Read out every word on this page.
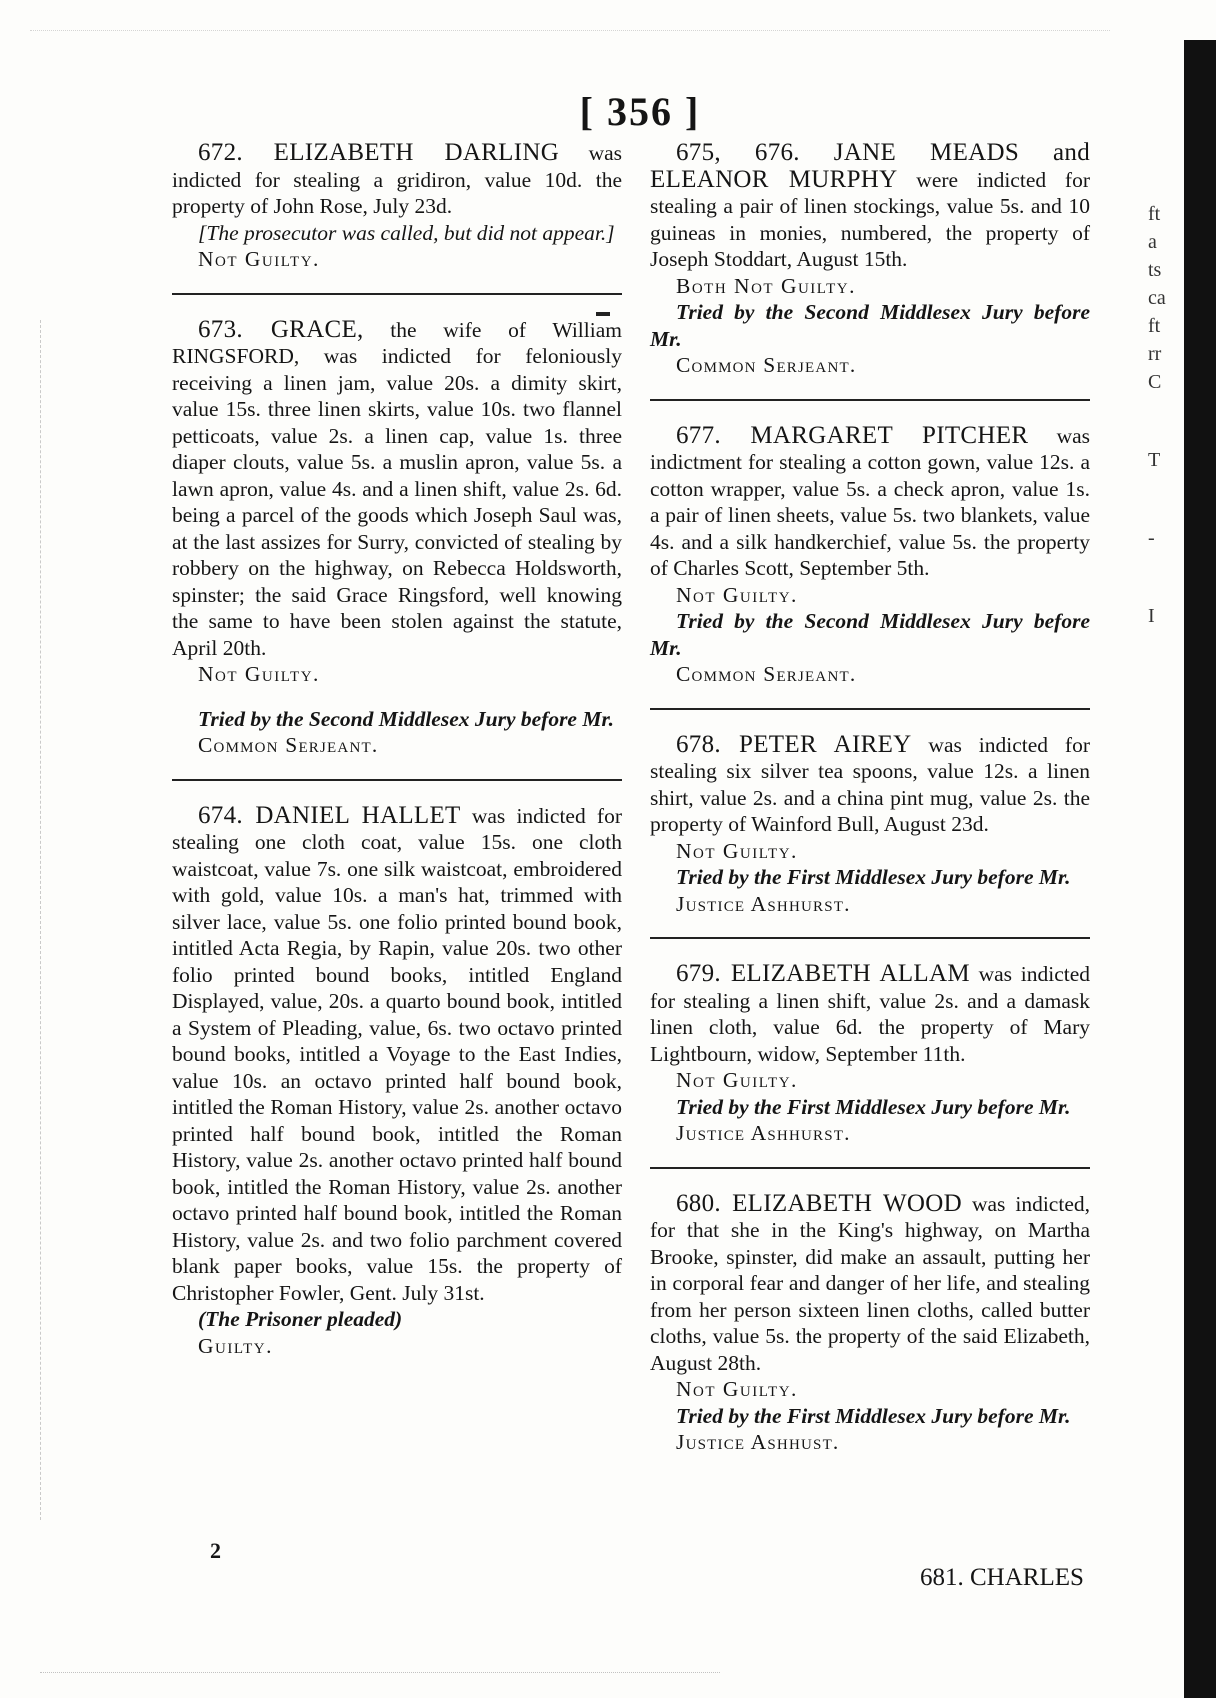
ft
a
ts
ca
ft
rr
C
T
-
I
[ 356 ]

672. ELIZABETH DARLING was indicted for stealing a gridiron, value 10d. the property of John Rose, July 23d.

[The prosecutor was called, but did not appear.]

Not Guilty.

673. GRACE, the wife of William RINGSFORD, was indicted for feloniously receiving a linen jam, value 20s. a dimity skirt, value 15s. three linen skirts, value 10s. two flannel petticoats, value 2s. a linen cap, value 1s. three diaper clouts, value 5s. a muslin apron, value 5s. a lawn apron, value 4s. and a linen shift, value 2s. 6d. being a parcel of the goods which Joseph Saul was, at the last assizes for Surry, convicted of stealing by robbery on the highway, on Rebecca Holdsworth, spinster; the said Grace Ringsford, well knowing the same to have been stolen against the statute, April 20th.

Not Guilty.

Tried by the Second Middlesex Jury before Mr.

Common Serjeant.

674. DANIEL HALLET was indicted for stealing one cloth coat, value 15s. one cloth waistcoat, value 7s. one silk waistcoat, embroidered with gold, value 10s. a man's hat, trimmed with silver lace, value 5s. one folio printed bound book, intitled Acta Regia, by Rapin, value 20s. two other folio printed bound books, intitled England Displayed, value, 20s. a quarto bound book, intitled a System of Pleading, value, 6s. two octavo printed bound books, intitled a Voyage to the East Indies, value 10s. an octavo printed half bound book, intitled the Roman History, value 2s. another octavo printed half bound book, intitled the Roman History, value 2s. another octavo printed half bound book, intitled the Roman History, value 2s. another octavo printed half bound book, intitled the Roman History, value 2s. and two folio parchment covered blank paper books, value 15s. the property of Christopher Fowler, Gent. July 31st.

(The Prisoner pleaded)

Guilty.

2

675, 676. JANE MEADS and ELEANOR MURPHY were indicted for stealing a pair of linen stockings, value 5s. and 10 guineas in monies, numbered, the property of Joseph Stoddart, August 15th.

Both Not Guilty.

Tried by the Second Middlesex Jury before Mr.

Common Serjeant.

677. MARGARET PITCHER was indictment for stealing a cotton gown, value 12s. a cotton wrapper, value 5s. a check apron, value 1s. a pair of linen sheets, value 5s. two blankets, value 4s. and a silk handkerchief, value 5s. the property of Charles Scott, September 5th.

Not Guilty.

Tried by the Second Middlesex Jury before Mr.

Common Serjeant.

678. PETER AIREY was indicted for stealing six silver tea spoons, value 12s. a linen shirt, value 2s. and a china pint mug, value 2s. the property of Wainford Bull, August 23d.

Not Guilty.

Tried by the First Middlesex Jury before Mr.

Justice Ashhurst.

679. ELIZABETH ALLAM was indicted for stealing a linen shift, value 2s. and a damask linen cloth, value 6d. the property of Mary Lightbourn, widow, September 11th.

Not Guilty.

Tried by the First Middlesex Jury before Mr.

Justice Ashhurst.

680. ELIZABETH WOOD was indicted, for that she in the King's highway, on Martha Brooke, spinster, did make an assault, putting her in corporal fear and danger of her life, and stealing from her person sixteen linen cloths, called butter cloths, value 5s. the property of the said Elizabeth, August 28th.

Not Guilty.

Tried by the First Middlesex Jury before Mr.

Justice Ashhust.

681. CHARLES
